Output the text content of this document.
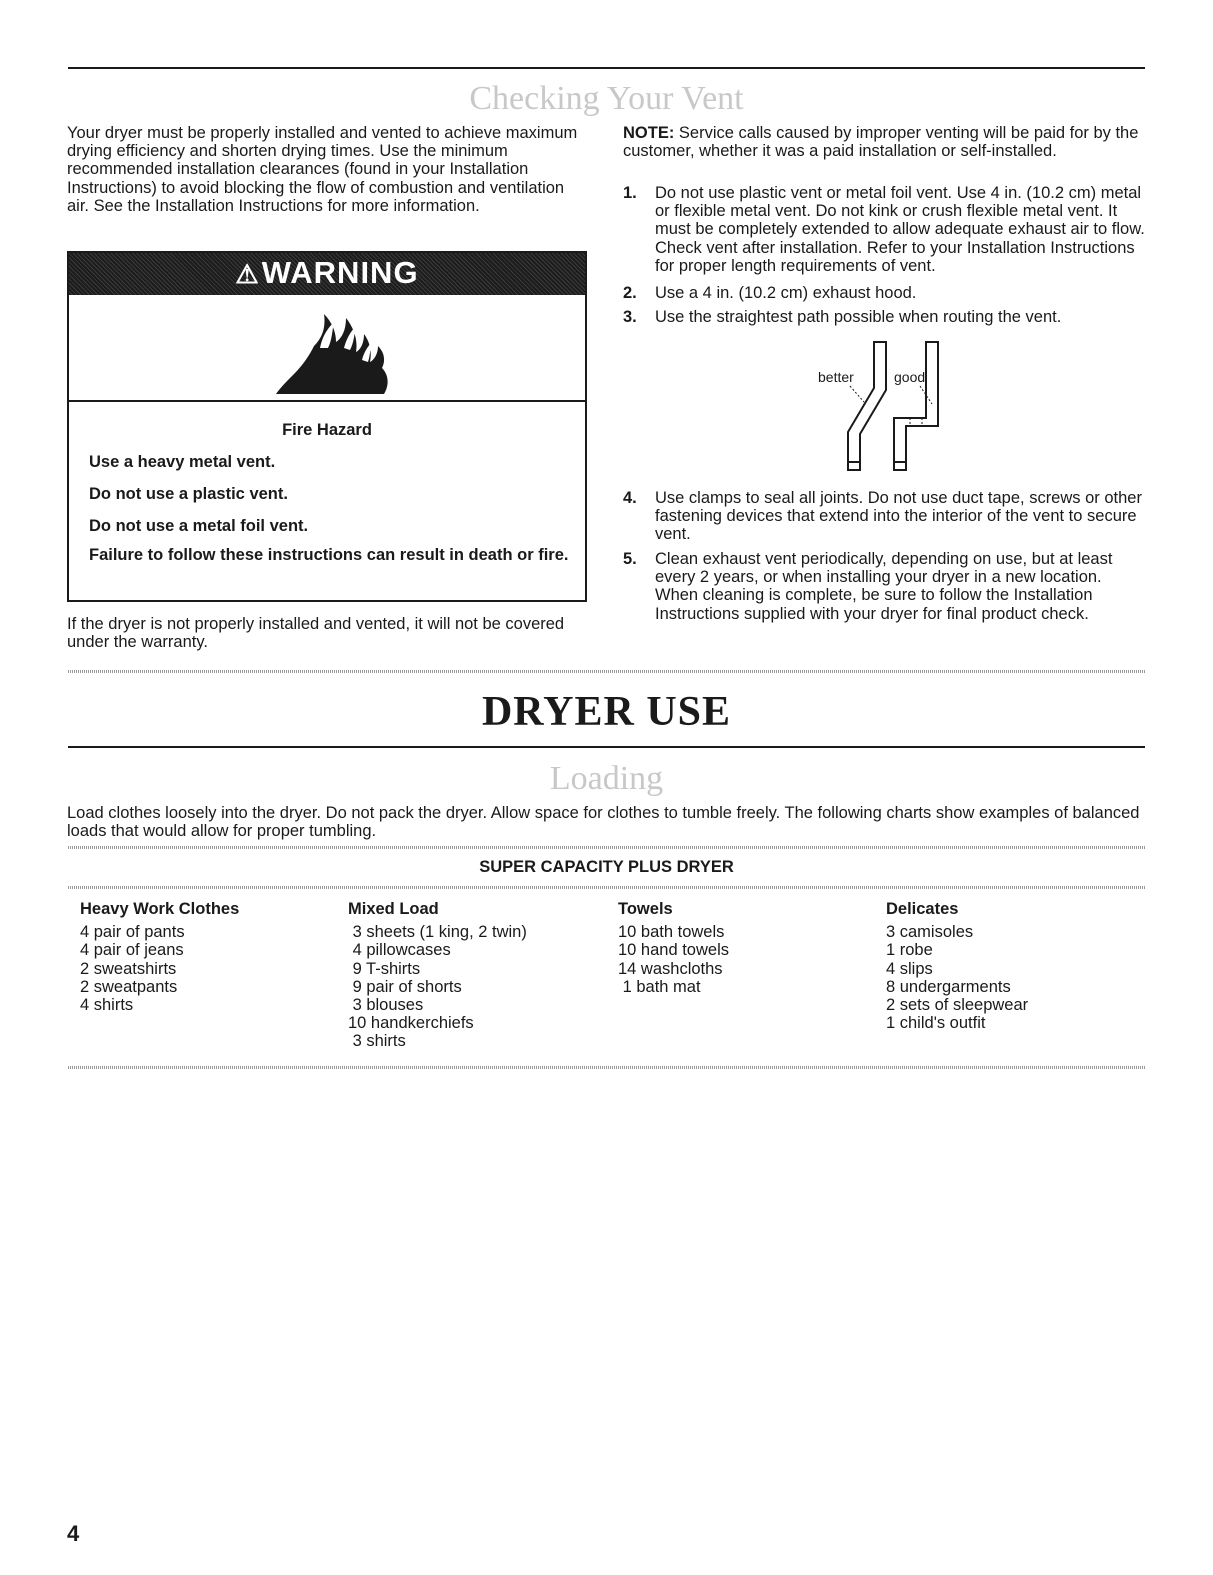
Checking Your Vent
Your dryer must be properly installed and vented to achieve maximum drying efficiency and shorten drying times. Use the minimum recommended installation clearances (found in your Installation Instructions) to avoid blocking the flow of combustion and ventilation air. See the Installation Instructions for more information.
⚠WARNING
Fire Hazard
Use a heavy metal vent.
Do not use a plastic vent.
Do not use a metal foil vent.
Failure to follow these instructions can result in death or fire.
If the dryer is not properly installed and vented, it will not be covered under the warranty.
NOTE: Service calls caused by improper venting will be paid for by the customer, whether it was a paid installation or self-installed.
1. Do not use plastic vent or metal foil vent. Use 4 in. (10.2 cm) metal or flexible metal vent. Do not kink or crush flexible metal vent. It must be completely extended to allow adequate exhaust air to flow. Check vent after installation. Refer to your Installation Instructions for proper length requirements of vent.
2. Use a 4 in. (10.2 cm) exhaust hood.
3. Use the straightest path possible when routing the vent.
better	good
4. Use clamps to seal all joints. Do not use duct tape, screws or other fastening devices that extend into the interior of the vent to secure vent.
5. Clean exhaust vent periodically, depending on use, but at least every 2 years, or when installing your dryer in a new location. When cleaning is complete, be sure to follow the Installation Instructions supplied with your dryer for final product check.
DRYER USE
Loading
Load clothes loosely into the dryer. Do not pack the dryer. Allow space for clothes to tumble freely. The following charts show examples of balanced loads that would allow for proper tumbling.
SUPER CAPACITY PLUS DRYER
Heavy Work Clothes
4 pair of pants
4 pair of jeans
2 sweatshirts
2 sweatpants
4 shirts
Mixed Load
3 sheets (1 king, 2 twin)
4 pillowcases
9 T-shirts
9 pair of shorts
3 blouses
10 handkerchiefs
3 shirts
Towels
10 bath towels
10 hand towels
14 washcloths
1 bath mat
Delicates
3 camisoles
1 robe
4 slips
8 undergarments
2 sets of sleepwear
1 child's outfit
4
